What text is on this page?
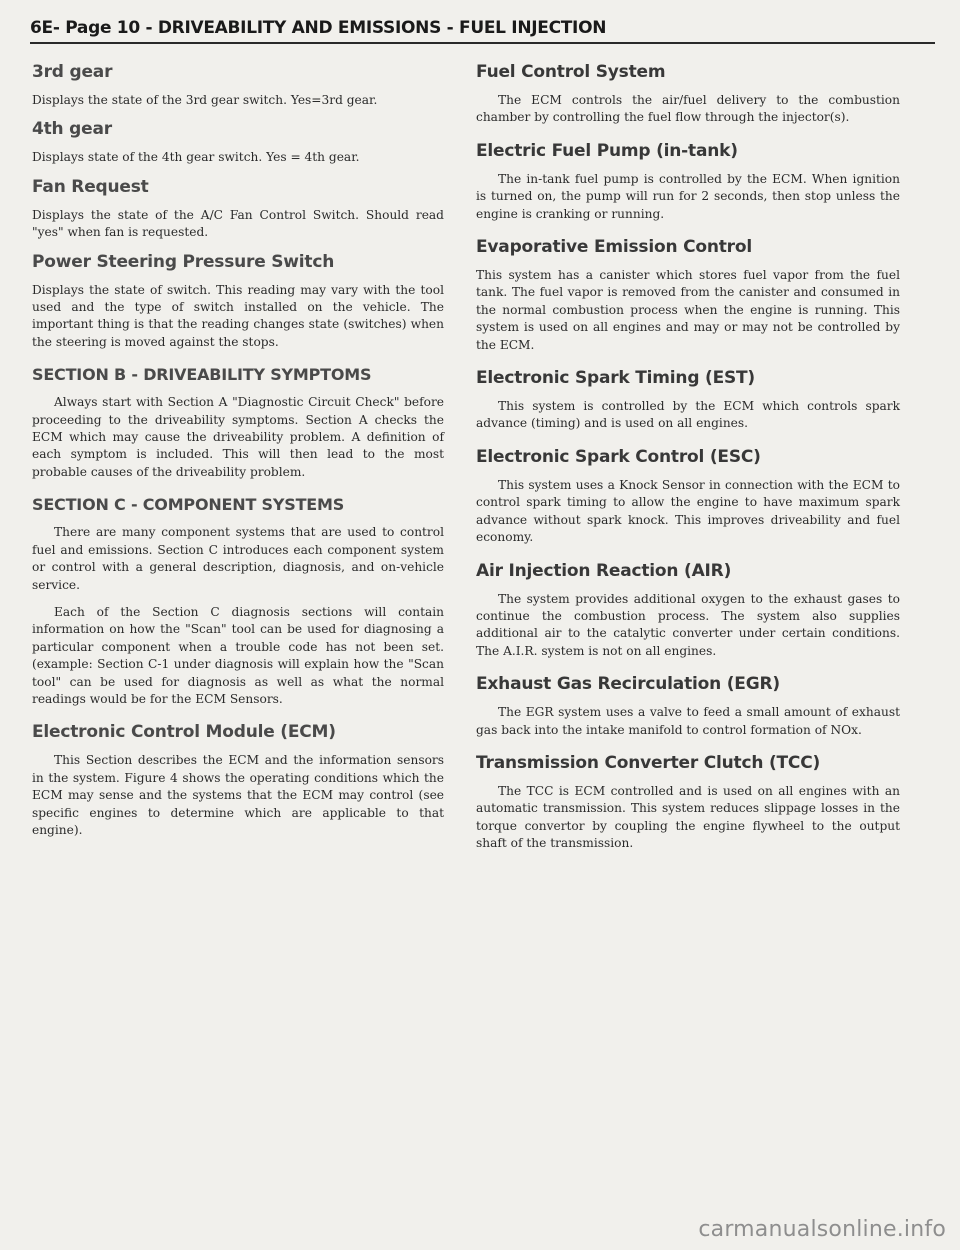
6E- Page 10 - DRIVEABILITY AND EMISSIONS - FUEL INJECTION
3rd gear

Displays the state of the 3rd gear switch. Yes=3rd gear.

4th gear

Displays state of the 4th gear switch. Yes = 4th gear.

Fan Request

Displays the state of the A/C Fan Control Switch. Should read "yes" when fan is requested.

Power Steering Pressure Switch

Displays the state of switch. This reading may vary with the tool used and the type of switch installed on the vehicle. The important thing is that the reading changes state (switches) when the steering is moved against the stops.

SECTION B - DRIVEABILITY SYMPTOMS

Always start with Section A "Diagnostic Circuit Check" before proceeding to the driveability symptoms. Section A checks the ECM which may cause the driveability problem. A definition of each symptom is included. This will then lead to the most probable causes of the driveability problem.

SECTION C - COMPONENT SYSTEMS

There are many component systems that are used to control fuel and emissions. Section C introduces each component system or control with a general description, diagnosis, and on-vehicle service.

Each of the Section C diagnosis sections will contain information on how the "Scan" tool can be used for diagnosing a particular component when a trouble code has not been set. (example: Section C-1 under diagnosis will explain how the "Scan tool" can be used for diagnosis as well as what the normal readings would be for the ECM Sensors.

Electronic Control Module (ECM)

This Section describes the ECM and the information sensors in the system. Figure 4 shows the operating conditions which the ECM may sense and the systems that the ECM may control (see specific engines to determine which are applicable to that engine).

Fuel Control System

The ECM controls the air/fuel delivery to the combustion chamber by controlling the fuel flow through the injector(s).

Electric Fuel Pump (in-tank)

The in-tank fuel pump is controlled by the ECM. When ignition is turned on, the pump will run for 2 seconds, then stop unless the engine is cranking or running.

Evaporative Emission Control

This system has a canister which stores fuel vapor from the fuel tank. The fuel vapor is removed from the canister and consumed in the normal combustion process when the engine is running. This system is used on all engines and may or may not be controlled by the ECM.

Electronic Spark Timing (EST)

This system is controlled by the ECM which controls spark advance (timing) and is used on all engines.

Electronic Spark Control (ESC)

This system uses a Knock Sensor in connection with the ECM to control spark timing to allow the engine to have maximum spark advance without spark knock. This improves driveability and fuel economy.

Air Injection Reaction (AIR)

The system provides additional oxygen to the exhaust gases to continue the combustion process. The system also supplies additional air to the catalytic converter under certain conditions. The A.I.R. system is not on all engines.

Exhaust Gas Recirculation (EGR)

The EGR system uses a valve to feed a small amount of exhaust gas back into the intake manifold to control formation of NOx.

Transmission Converter Clutch (TCC)

The TCC is ECM controlled and is used on all engines with an automatic transmission. This system reduces slippage losses in the torque convertor by coupling the engine flywheel to the output shaft of the transmission.

carmanualsonline.info
